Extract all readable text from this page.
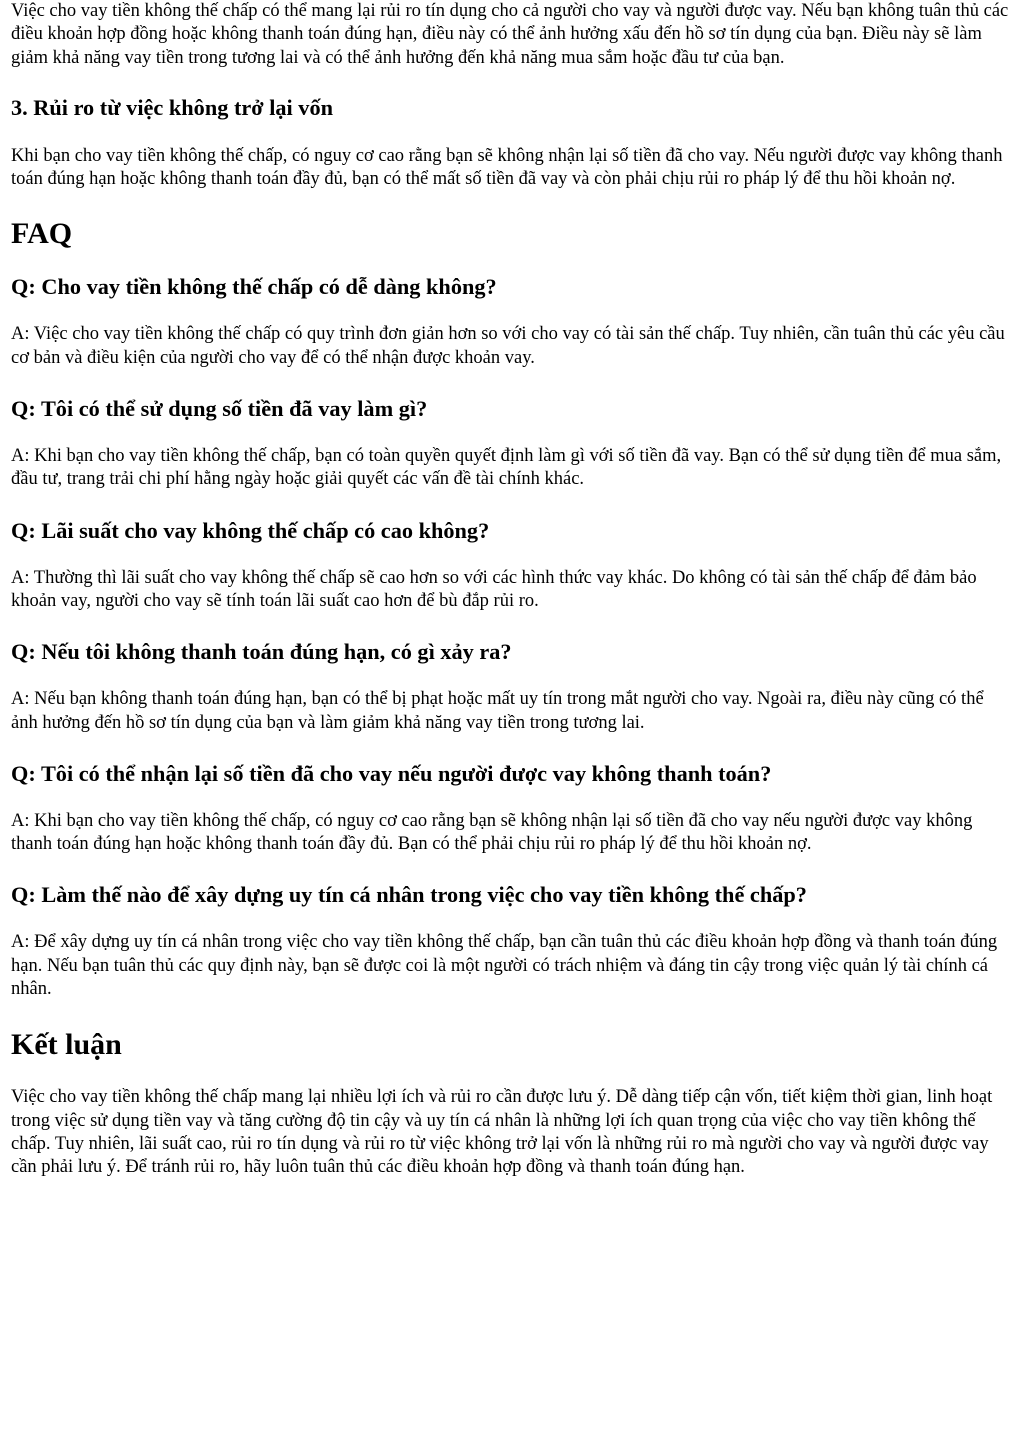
Việc cho vay tiền không thế chấp có thể mang lại rủi ro tín dụng cho cả người cho vay và người được vay. Nếu bạn không tuân thủ các điều khoản hợp đồng hoặc không thanh toán đúng hạn, điều này có thể ảnh hưởng xấu đến hồ sơ tín dụng của bạn. Điều này sẽ làm giảm khả năng vay tiền trong tương lai và có thể ảnh hưởng đến khả năng mua sắm hoặc đầu tư của bạn.

3. Rủi ro từ việc không trở lại vốn

Khi bạn cho vay tiền không thế chấp, có nguy cơ cao rằng bạn sẽ không nhận lại số tiền đã cho vay. Nếu người được vay không thanh toán đúng hạn hoặc không thanh toán đầy đủ, bạn có thể mất số tiền đã vay và còn phải chịu rủi ro pháp lý để thu hồi khoản nợ.

FAQ
Q: Cho vay tiền không thế chấp có dễ dàng không?

A: Việc cho vay tiền không thế chấp có quy trình đơn giản hơn so với cho vay có tài sản thế chấp. Tuy nhiên, cần tuân thủ các yêu cầu cơ bản và điều kiện của người cho vay để có thể nhận được khoản vay.

Q: Tôi có thể sử dụng số tiền đã vay làm gì?

A: Khi bạn cho vay tiền không thế chấp, bạn có toàn quyền quyết định làm gì với số tiền đã vay. Bạn có thể sử dụng tiền để mua sắm, đầu tư, trang trải chi phí hằng ngày hoặc giải quyết các vấn đề tài chính khác.

Q: Lãi suất cho vay không thế chấp có cao không?

A: Thường thì lãi suất cho vay không thế chấp sẽ cao hơn so với các hình thức vay khác. Do không có tài sản thế chấp để đảm bảo khoản vay, người cho vay sẽ tính toán lãi suất cao hơn để bù đắp rủi ro.

Q: Nếu tôi không thanh toán đúng hạn, có gì xảy ra?

A: Nếu bạn không thanh toán đúng hạn, bạn có thể bị phạt hoặc mất uy tín trong mắt người cho vay. Ngoài ra, điều này cũng có thể ảnh hưởng đến hồ sơ tín dụng của bạn và làm giảm khả năng vay tiền trong tương lai.

Q: Tôi có thể nhận lại số tiền đã cho vay nếu người được vay không thanh toán?

A: Khi bạn cho vay tiền không thế chấp, có nguy cơ cao rằng bạn sẽ không nhận lại số tiền đã cho vay nếu người được vay không thanh toán đúng hạn hoặc không thanh toán đầy đủ. Bạn có thể phải chịu rủi ro pháp lý để thu hồi khoản nợ.

Q: Làm thế nào để xây dựng uy tín cá nhân trong việc cho vay tiền không thế chấp?

A: Để xây dựng uy tín cá nhân trong việc cho vay tiền không thế chấp, bạn cần tuân thủ các điều khoản hợp đồng và thanh toán đúng hạn. Nếu bạn tuân thủ các quy định này, bạn sẽ được coi là một người có trách nhiệm và đáng tin cậy trong việc quản lý tài chính cá nhân.

Kết luận

Việc cho vay tiền không thế chấp mang lại nhiều lợi ích và rủi ro cần được lưu ý. Dễ dàng tiếp cận vốn, tiết kiệm thời gian, linh hoạt trong việc sử dụng tiền vay và tăng cường độ tin cậy và uy tín cá nhân là những lợi ích quan trọng của việc cho vay tiền không thế chấp. Tuy nhiên, lãi suất cao, rủi ro tín dụng và rủi ro từ việc không trở lại vốn là những rủi ro mà người cho vay và người được vay cần phải lưu ý. Để tránh rủi ro, hãy luôn tuân thủ các điều khoản hợp đồng và thanh toán đúng hạn.
